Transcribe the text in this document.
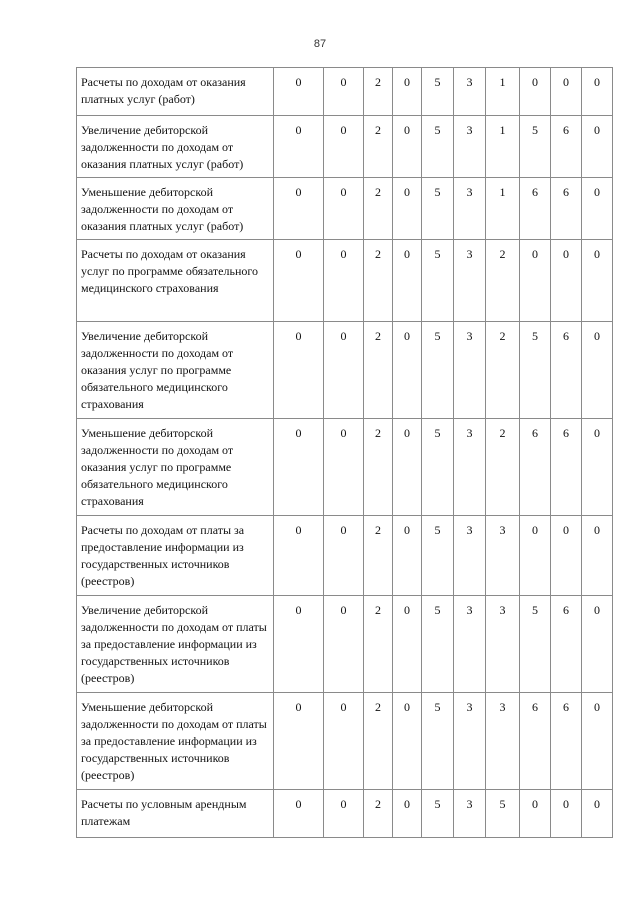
87
Расчеты по доходам от оказания платных услуг (работ)	0	0	2	0	5	3	1	0	0	0
Увеличение дебиторской задолженности по доходам от оказания платных услуг (работ)	0	0	2	0	5	3	1	5	6	0
Уменьшение дебиторской задолженности по доходам от оказания платных услуг (работ)	0	0	2	0	5	3	1	6	6	0
Расчеты по доходам от оказания услуг по программе обязательного медицинского страхования	0	0	2	0	5	3	2	0	0	0
Увеличение дебиторской задолженности по доходам от оказания услуг по программе обязательного медицинского страхования	0	0	2	0	5	3	2	5	6	0
Уменьшение дебиторской задолженности по доходам от оказания услуг по программе обязательного медицинского страхования	0	0	2	0	5	3	2	6	6	0
Расчеты по доходам от платы за предоставление информации из государственных источников (реестров)	0	0	2	0	5	3	3	0	0	0
Увеличение дебиторской задолженности по доходам от платы за предоставление информации из государственных источников (реестров)	0	0	2	0	5	3	3	5	6	0
Уменьшение дебиторской задолженности по доходам от платы за предоставление информации из государственных источников (реестров)	0	0	2	0	5	3	3	6	6	0
Расчеты по условным арендным платежам	0	0	2	0	5	3	5	0	0	0
